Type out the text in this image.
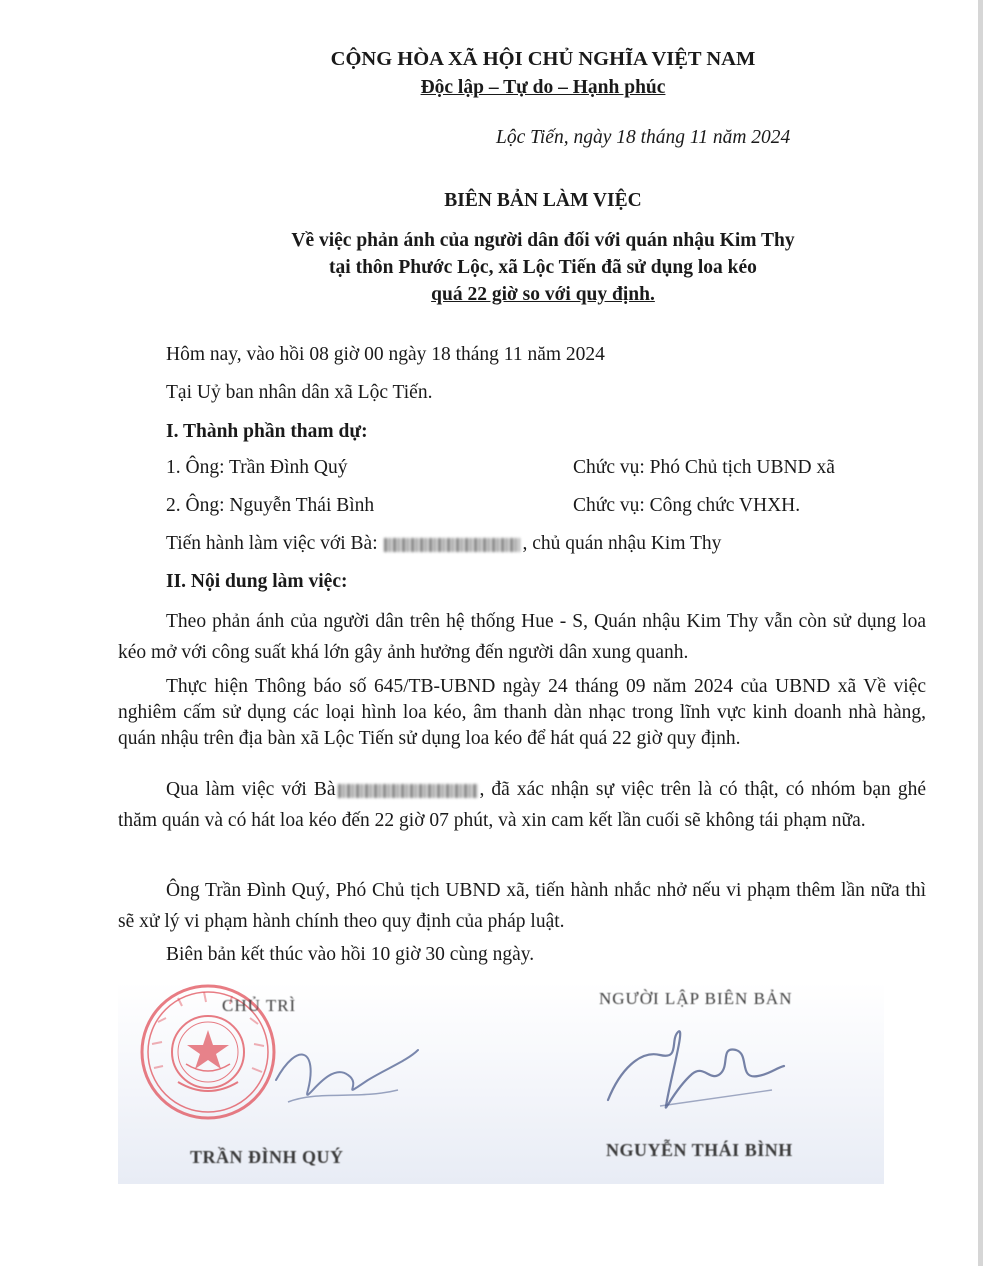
CỘNG HÒA XÃ HỘI CHỦ NGHĨA VIỆT NAM
Độc lập – Tự do – Hạnh phúc
Lộc Tiến, ngày 18 tháng 11 năm 2024
BIÊN BẢN LÀM VIỆC
Về việc phản ánh của người dân đối với quán nhậu Kim Thy
tại thôn Phước Lộc, xã Lộc Tiến đã sử dụng loa kéo
quá 22 giờ so với quy định.
Hôm nay, vào hồi 08 giờ 00 ngày 18 tháng 11 năm 2024
Tại Uỷ ban nhân dân xã Lộc Tiến.
I. Thành phần tham dự:
1. Ông: Trần Đình Quý	Chức vụ: Phó Chủ tịch UBND xã
2. Ông: Nguyễn Thái Bình	Chức vụ: Công chức VHXH.
Tiến hành làm việc với Bà:	, chủ quán nhậu Kim Thy
II. Nội dung làm việc:
Theo phản ánh của người dân trên hệ thống Hue - S, Quán nhậu Kim Thy vẫn còn sử dụng loa kéo mở với công suất khá lớn gây ảnh hưởng đến người dân xung quanh.
Thực hiện Thông báo số 645/TB-UBND ngày 24 tháng 09 năm 2024 của UBND xã Về việc nghiêm cấm sử dụng các loại hình loa kéo, âm thanh dàn nhạc trong lĩnh vực kinh doanh nhà hàng, quán nhậu trên địa bàn xã Lộc Tiến sử dụng loa kéo để hát quá 22 giờ quy định.
Qua làm việc với Bà	, đã xác nhận sự việc trên là có thật, có nhóm bạn ghé thăm quán và có hát loa kéo đến 22 giờ 07 phút, và xin cam kết lần cuối sẽ không tái phạm nữa.
Ông Trần Đình Quý, Phó Chủ tịch UBND xã, tiến hành nhắc nhở nếu vi phạm thêm lần nữa thì sẽ xử lý vi phạm hành chính theo quy định của pháp luật.
Biên bản kết thúc vào hồi 10 giờ 30 cùng ngày.
CHỦ TRÌ
TRẦN ĐÌNH QUÝ
NGƯỜI LẬP BIÊN BẢN
NGUYỄN THÁI BÌNH
